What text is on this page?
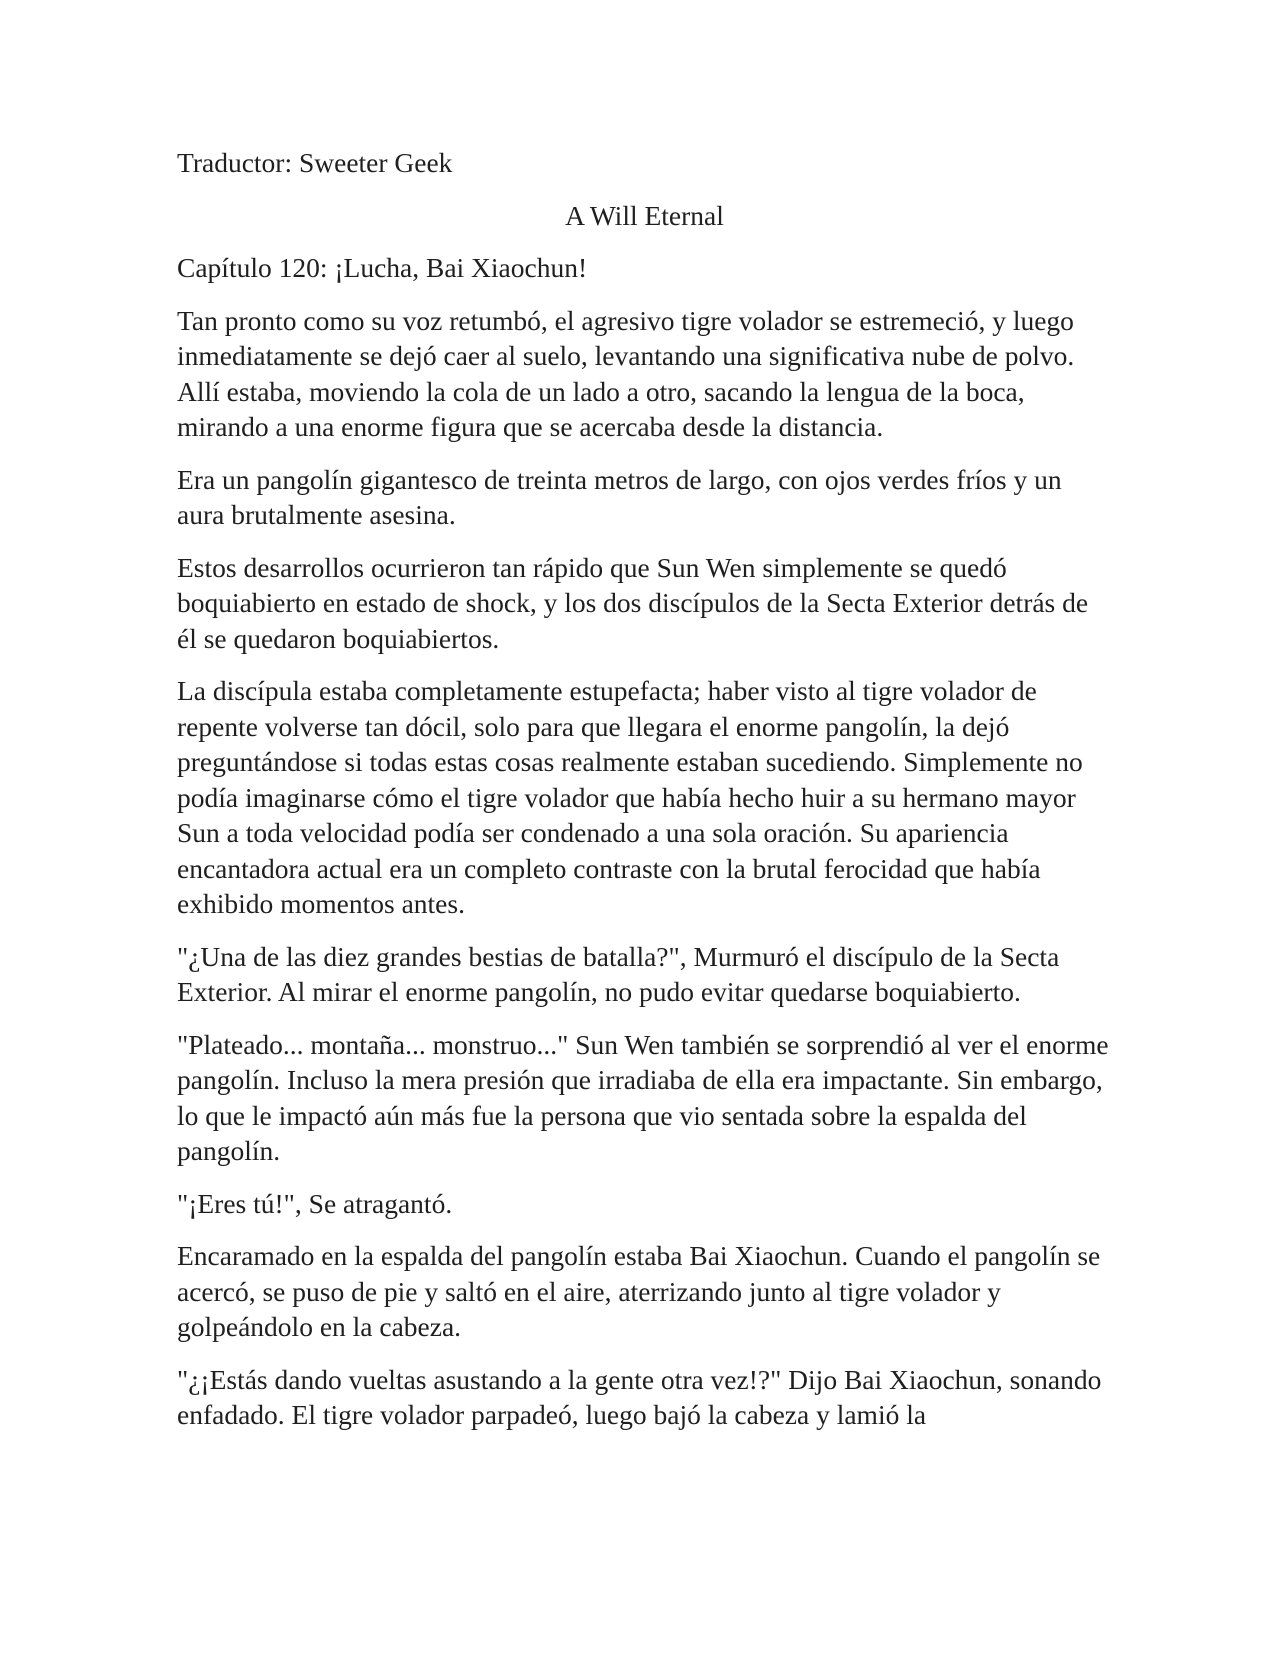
Traductor: Sweeter Geek

A Will Eternal

Capítulo 120: ¡Lucha, Bai Xiaochun!

Tan pronto como su voz retumbó, el agresivo tigre volador se estremeció, y luego inmediatamente se dejó caer al suelo, levantando una significativa nube de polvo. Allí estaba, moviendo la cola de un lado a otro, sacando la lengua de la boca, mirando a una enorme figura que se acercaba desde la distancia.

Era un pangolín gigantesco de treinta metros de largo, con ojos verdes fríos y un aura brutalmente asesina.

Estos desarrollos ocurrieron tan rápido que Sun Wen simplemente se quedó boquiabierto en estado de shock, y los dos discípulos de la Secta Exterior detrás de él se quedaron boquiabiertos.

La discípula estaba completamente estupefacta; haber visto al tigre volador de repente volverse tan dócil, solo para que llegara el enorme pangolín, la dejó preguntándose si todas estas cosas realmente estaban sucediendo. Simplemente no podía imaginarse cómo el tigre volador que había hecho huir a su hermano mayor Sun a toda velocidad podía ser condenado a una sola oración. Su apariencia encantadora actual era un completo contraste con la brutal ferocidad que había exhibido momentos antes.

"¿Una de las diez grandes bestias de batalla?", Murmuró el discípulo de la Secta Exterior. Al mirar el enorme pangolín, no pudo evitar quedarse boquiabierto.

"Plateado... montaña... monstruo..." Sun Wen también se sorprendió al ver el enorme pangolín. Incluso la mera presión que irradiaba de ella era impactante. Sin embargo, lo que le impactó aún más fue la persona que vio sentada sobre la espalda del pangolín.

"¡Eres tú!", Se atragantó.

Encaramado en la espalda del pangolín estaba Bai Xiaochun. Cuando el pangolín se acercó, se puso de pie y saltó en el aire, aterrizando junto al tigre volador y golpeándolo en la cabeza.

"¿¡Estás dando vueltas asustando a la gente otra vez!?" Dijo Bai Xiaochun, sonando enfadado. El tigre volador parpadeó, luego bajó la cabeza y lamió la
